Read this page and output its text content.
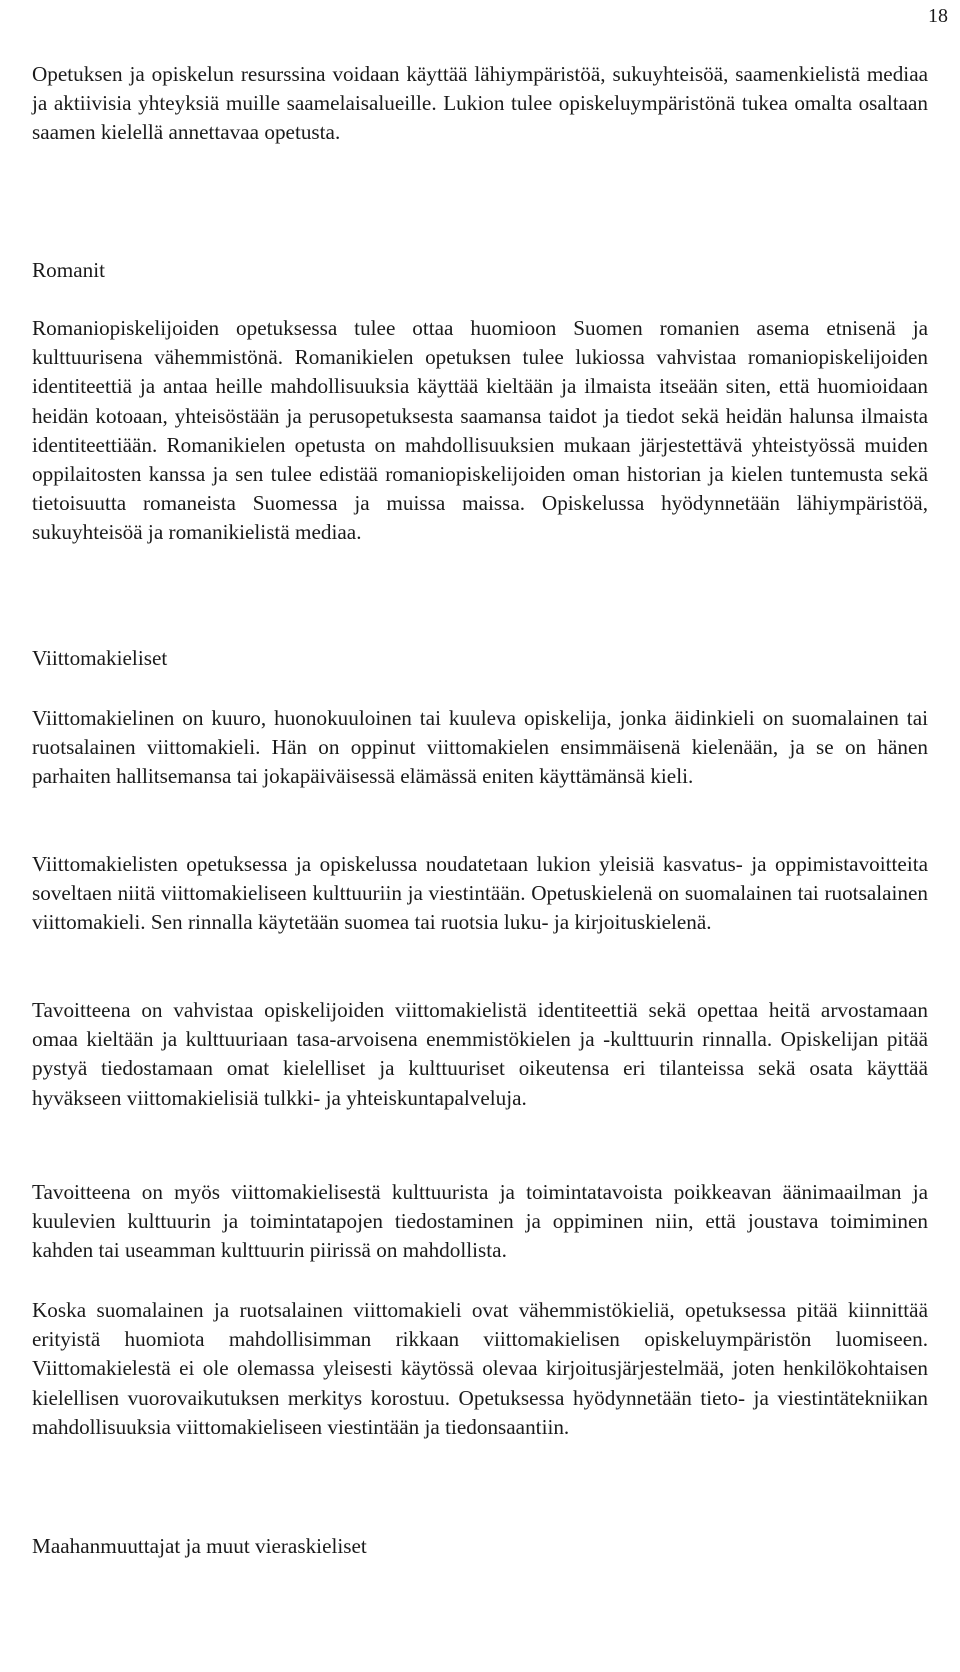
18

Opetuksen ja opiskelun resurssina voidaan käyttää lähiympäristöä, sukuyhteisöä, saamenkielistä mediaa ja aktiivisia yhteyksiä muille saamelaisalueille. Lukion tulee opiskeluympäristönä tukea omalta osaltaan saamen kielellä annettavaa opetusta.

Romanit

Romaniopiskelijoiden opetuksessa tulee ottaa huomioon Suomen romanien asema etnisenä ja kulttuurisena vähemmistönä. Romanikielen opetuksen tulee lukiossa vahvistaa romaniopiskelijoiden identiteettiä ja antaa heille mahdollisuuksia käyttää kieltään ja ilmaista itseään siten, että huomioidaan heidän kotoaan, yhteisöstään ja perusopetuksesta saamansa taidot ja tiedot sekä heidän halunsa ilmaista identiteettiään. Romanikielen opetusta on mahdollisuuksien mukaan järjestettävä yhteistyössä muiden oppilaitosten kanssa ja sen tulee edistää romaniopiskelijoiden oman historian ja kielen tuntemusta sekä tietoisuutta romaneista Suomessa ja muissa maissa. Opiskelussa hyödynnetään lähiympäristöä, sukuyhteisöä ja romanikielistä mediaa.

Viittomakieliset

Viittomakielinen on kuuro, huonokuuloinen tai kuuleva opiskelija, jonka äidinkieli on suomalainen tai ruotsalainen viittomakieli. Hän on oppinut viittomakielen ensimmäisenä kielenään, ja se on hänen parhaiten hallitsemansa tai jokapäiväisessä elämässä eniten käyttämänsä kieli.

Viittomakielisten opetuksessa ja opiskelussa noudatetaan lukion yleisiä kasvatus- ja oppimistavoitteita soveltaen niitä viittomakieliseen kulttuuriin ja viestintään. Opetuskielenä on suomalainen tai ruotsalainen viittomakieli. Sen rinnalla käytetään suomea tai ruotsia luku- ja kirjoituskielenä.

Tavoitteena on vahvistaa opiskelijoiden viittomakielistä identiteettiä sekä opettaa heitä arvostamaan omaa kieltään ja kulttuuriaan tasa-arvoisena enemmistökielen ja -kulttuurin rinnalla. Opiskelijan pitää pystyä tiedostamaan omat kielelliset ja kulttuuriset oikeutensa eri tilanteissa sekä osata käyttää hyväkseen viittomakielisiä tulkki- ja yhteiskuntapalveluja.

Tavoitteena on myös viittomakielisestä kulttuurista ja toimintatavoista poikkeavan äänimaailman ja kuulevien kulttuurin ja toimintatapojen tiedostaminen ja oppiminen niin, että joustava toimiminen kahden tai useamman kulttuurin piirissä on mahdollista.

Koska suomalainen ja ruotsalainen viittomakieli ovat vähemmistökieliä, opetuksessa pitää kiinnittää erityistä huomiota mahdollisimman rikkaan viittomakielisen opiskeluympäristön luomiseen. Viittomakielestä ei ole olemassa yleisesti käytössä olevaa kirjoitusjärjestelmää, joten henkilökohtaisen kielellisen vuorovaikutuksen merkitys korostuu. Opetuksessa hyödynnetään tieto- ja viestintätekniikan mahdollisuuksia viittomakieliseen viestintään ja tiedonsaantiin.

Maahanmuuttajat ja muut vieraskieliset
